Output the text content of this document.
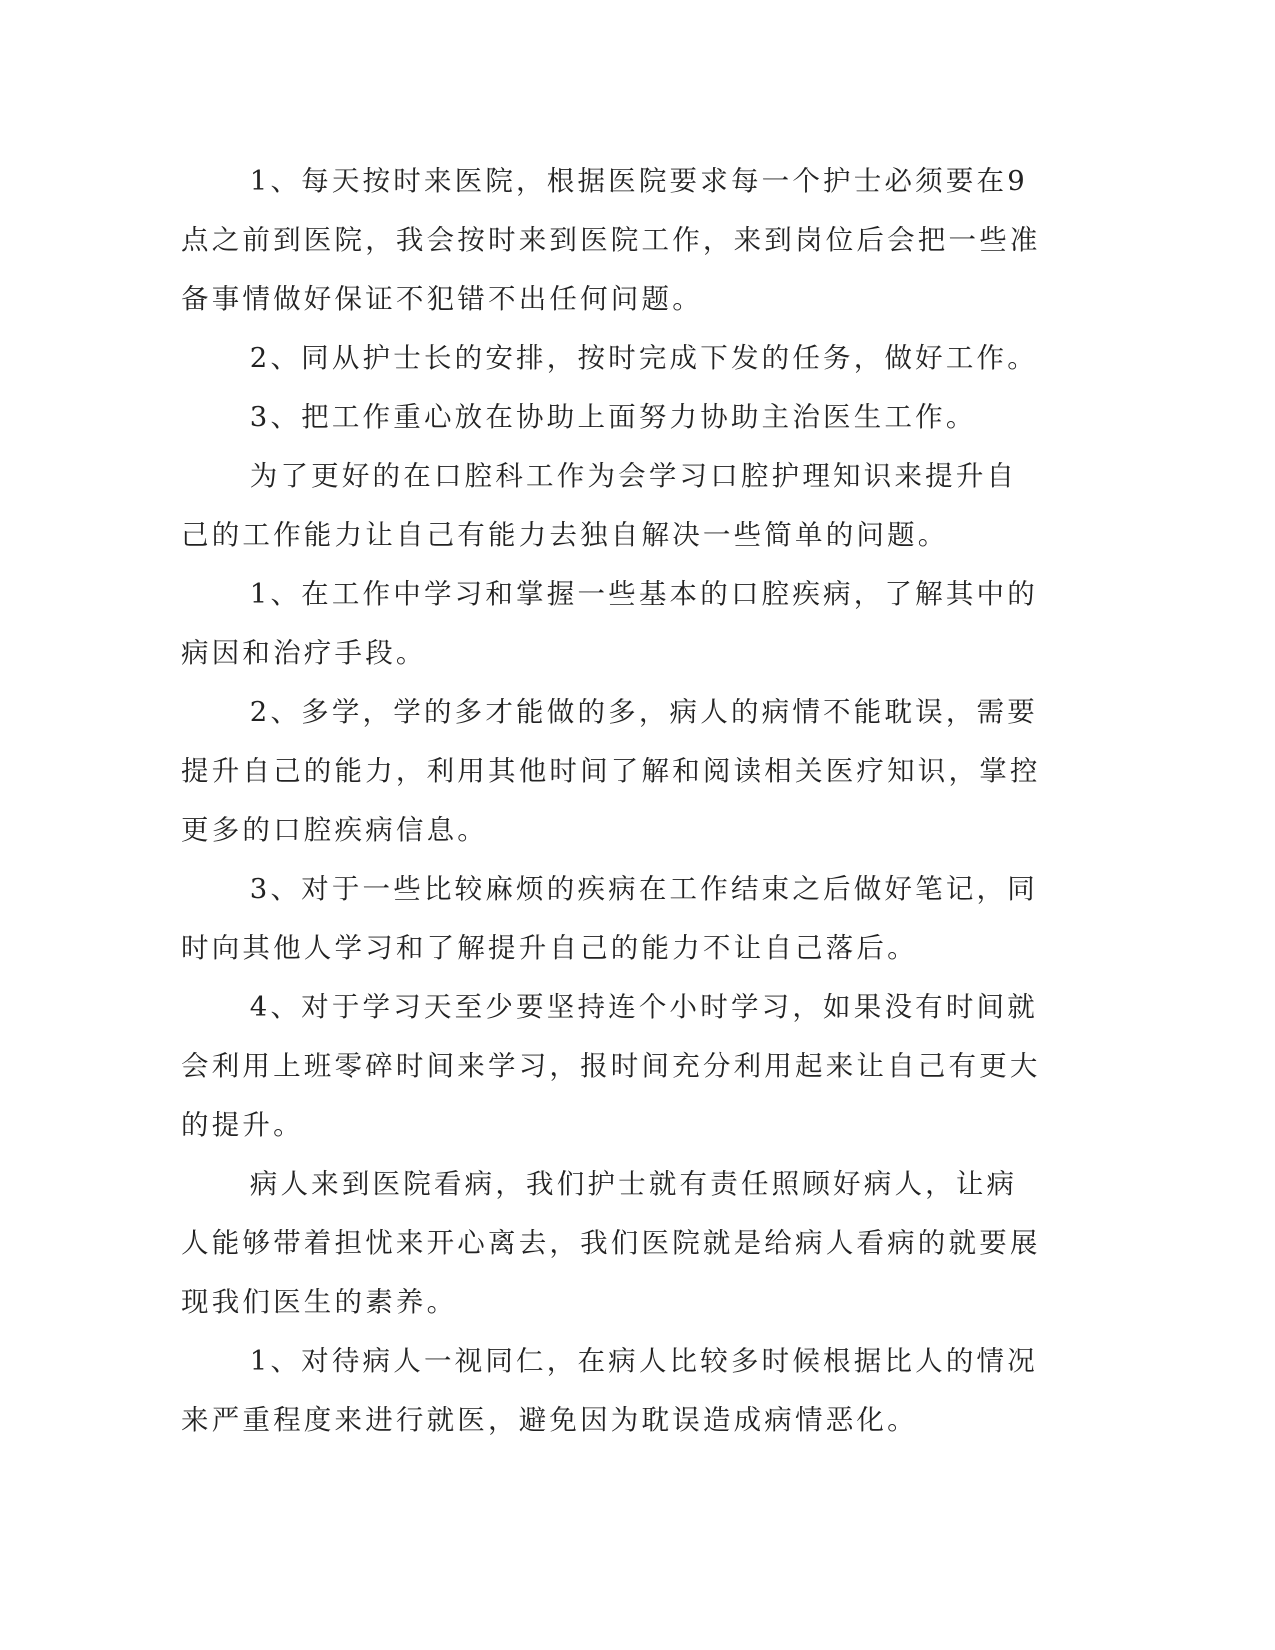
1、每天按时来医院，根据医院要求每一个护士必须要在9点之前到医院，我会按时来到医院工作，来到岗位后会把一些准备事情做好保证不犯错不出任何问题。

2、同从护士长的安排，按时完成下发的任务，做好工作。

3、把工作重心放在协助上面努力协助主治医生工作。

为了更好的在口腔科工作为会学习口腔护理知识来提升自己的工作能力让自己有能力去独自解决一些简单的问题。

1、在工作中学习和掌握一些基本的口腔疾病，了解其中的病因和治疗手段。

2、多学，学的多才能做的多，病人的病情不能耽误，需要提升自己的能力，利用其他时间了解和阅读相关医疗知识，掌控更多的口腔疾病信息。

3、对于一些比较麻烦的疾病在工作结束之后做好笔记，同时向其他人学习和了解提升自己的能力不让自己落后。

4、对于学习天至少要坚持连个小时学习，如果没有时间就会利用上班零碎时间来学习，报时间充分利用起来让自己有更大的提升。

病人来到医院看病，我们护士就有责任照顾好病人，让病人能够带着担忧来开心离去，我们医院就是给病人看病的就要展现我们医生的素养。

1、对待病人一视同仁，在病人比较多时候根据比人的情况来严重程度来进行就医，避免因为耽误造成病情恶化。
